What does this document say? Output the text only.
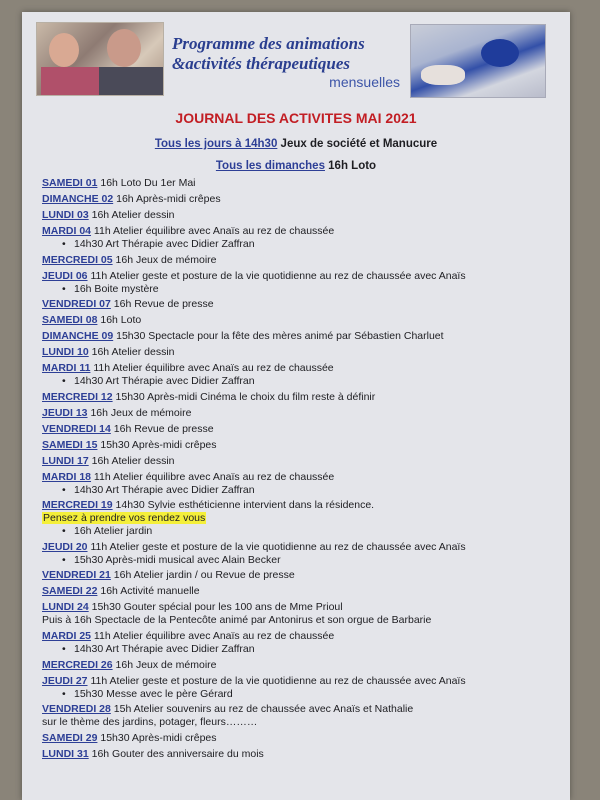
Programme des animations
&activités thérapeutiques
mensuelles
JOURNAL DES ACTIVITES MAI 2021
Tous les jours à 14h30 Jeux de société et Manucure
Tous les dimanches 16h Loto
SAMEDI 01 16h Loto Du 1er Mai
DIMANCHE 02 16h Après-midi crêpes
LUNDI 03 16h Atelier dessin
MARDI 04 11h Atelier équilibre avec Anaïs au rez de chaussée
• 14h30 Art Thérapie avec Didier Zaffran
MERCREDI 05 16h Jeux de mémoire
JEUDI 06 11h Atelier geste et posture de la vie quotidienne au rez de chaussée avec Anaïs
• 16h Boite mystère
VENDREDI 07 16h Revue de presse
SAMEDI 08 16h Loto
DIMANCHE 09 15h30 Spectacle pour la fête des mères animé par Sébastien Charluet
LUNDI 10 16h Atelier dessin
MARDI 11 11h Atelier équilibre avec Anaïs au rez de chaussée
• 14h30 Art Thérapie avec Didier Zaffran
MERCREDI 12 15h30 Après-midi Cinéma le choix du film reste à définir
JEUDI 13 16h Jeux de mémoire
VENDREDI 14 16h Revue de presse
SAMEDI 15 15h30 Après-midi crêpes
LUNDI 17 16h Atelier dessin
MARDI 18 11h Atelier équilibre avec Anaïs au rez de chaussée
• 14h30 Art Thérapie avec Didier Zaffran
MERCREDI 19 14h30 Sylvie esthéticienne intervient dans la résidence.
Pensez à prendre vos rendez vous
• 16h Atelier jardin
JEUDI 20 11h Atelier geste et posture de la vie quotidienne au rez de chaussée avec Anaïs
• 15h30 Après-midi musical avec Alain Becker
VENDREDI 21 16h Atelier jardin / ou Revue de presse
SAMEDI 22 16h Activité manuelle
LUNDI 24 15h30 Gouter spécial pour les 100 ans de Mme Prioul
Puis à 16h Spectacle de la Pentecôte animé par Antonirus et son orgue de Barbarie
MARDI 25 11h Atelier équilibre avec Anaïs au rez de chaussée
• 14h30 Art Thérapie avec Didier Zaffran
MERCREDI 26 16h Jeux de mémoire
JEUDI 27 11h Atelier geste et posture de la vie quotidienne au rez de chaussée avec Anaïs
• 15h30 Messe avec le père Gérard
VENDREDI 28 15h Atelier souvenirs au rez de chaussée avec Anaïs et Nathalie
sur le thème des jardins, potager, fleurs………
SAMEDI 29 15h30 Après-midi crêpes
LUNDI 31 16h Gouter des anniversaire du mois
